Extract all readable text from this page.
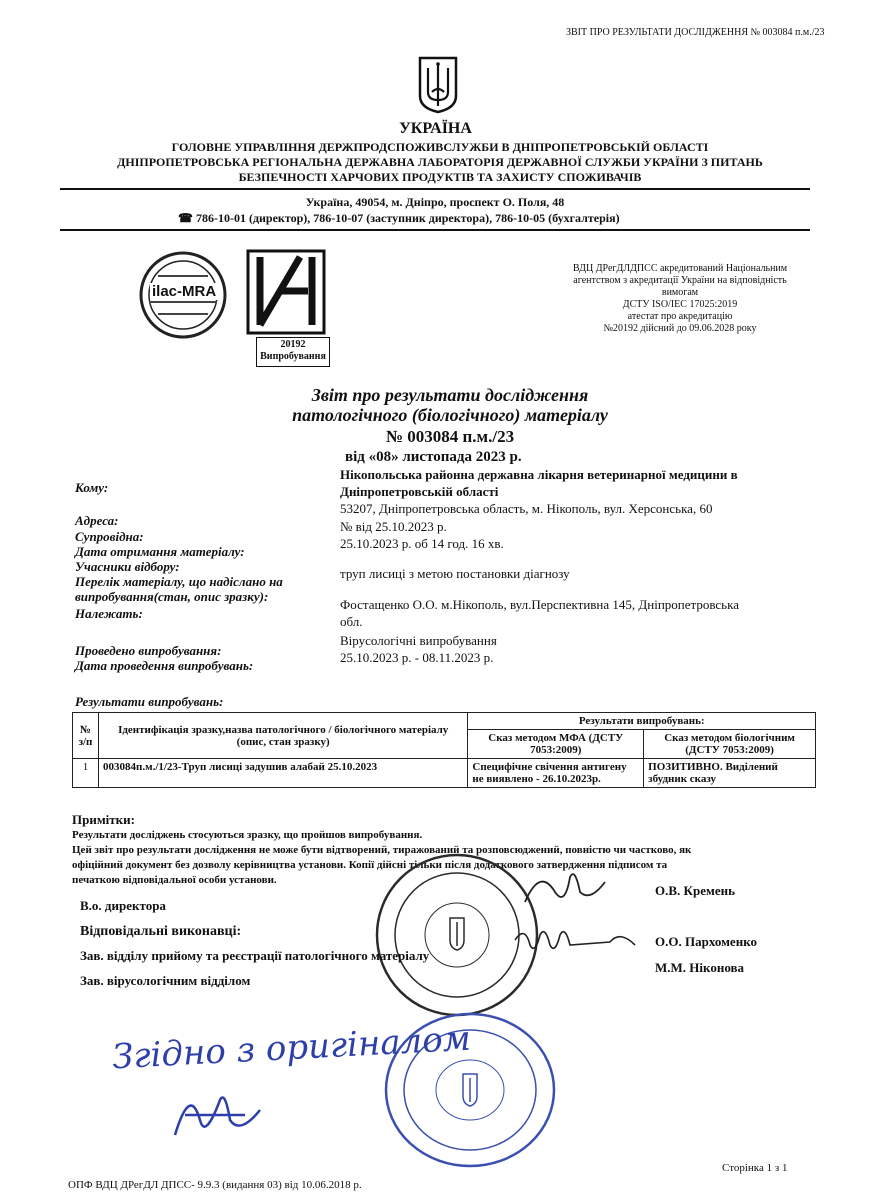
ЗВІТ ПРО РЕЗУЛЬТАТИ ДОСЛІДЖЕННЯ № 003084 п.м./23
УКРАЇНА
ГОЛОВНЕ УПРАВЛІННЯ ДЕРЖПРОДСПОЖИВСЛУЖБИ В ДНІПРОПЕТРОВСЬКІЙ ОБЛАСТІ
ДНІПРОПЕТРОВСЬКА РЕГІОНАЛЬНА ДЕРЖАВНА ЛАБОРАТОРІЯ ДЕРЖАВНОЇ СЛУЖБИ УКРАЇНИ З ПИТАНЬ
БЕЗПЕЧНОСТІ ХАРЧОВИХ ПРОДУКТІВ ТА ЗАХИСТУ СПОЖИВАЧІВ
Україна, 49054, м. Дніпро, проспект О. Поля, 48
☎ 786-10-01 (директор), 786-10-07 (заступник директора), 786-10-05 (бухгалтерія)
ilac-MRA
20192
Випробування
ВДЦ ДРегДЛДПСС акредитований Національним
агентством з акредитації України на відповідність
вимогам
ДСТУ ISO/IEC 17025:2019
атестат про акредитацію
№20192 дійсний до 09.06.2028 року
Звіт про результати дослідження
патологічного (біологічного) матеріалу
№ 003084 п.м./23
від «08» листопада 2023 р.
Кому:
Нікопольська районна державна лікарня ветеринарної медицини в
Дніпропетровській області
Адреса:
53207, Дніпропетровська область, м. Нікополь, вул. Херсонська, 60
Супровідна:
№ від 25.10.2023 р.
Дата отримання матеріалу:
25.10.2023 р. об 14 год. 16 хв.
Учасники відбору:
Перелік матеріалу, що надіслано на
випробування(стан, опис зразку):
труп лисиці з метою постановки діагнозу
Належать:
Фостащенко О.О. м.Нікополь, вул.Перспективна 145, Дніпропетровська
обл.
Проведено випробування:
Вірусологічні випробування
Дата проведення випробувань:
25.10.2023 р. - 08.11.2023 р.
Результати випробувань:
№ з/п	Ідентифікація зразку,назва патологічного / біологічного матеріалу (опис, стан зразку)	Результати випробувань:	
		Сказ методом МФА (ДСТУ 7053:2009)	Сказ методом біологічним (ДСТУ 7053:2009)
1	003084п.м./1/23-Труп лисиці задушив алабай 25.10.2023	Специфічне свічення антигену не виявлено - 26.10.2023р.	ПОЗИТИВНО. Виділений збудник сказу
Примітки:
Результати досліджень стосуються зразку, що пройшов випробування.
Цей звіт про результати дослідження не може бути відтворений, тиражований та розповсюджений, повністю чи частково, як
офіційний документ без дозволу керівництва установи. Копії дійсні тільки після додаткового затвердження підписом та
печаткою відповідальної особи установи.
В.о. директора
О.В. Кремень
Відповідальні виконавці:
Зав. відділу прийому та реєстрації патологічного матеріалу
О.О. Пархоменко
Зав. вірусологічним відділом
М.М. Ніконова
Згідно з оригіналом
ОПФ ВДЦ ДРегДЛ ДПСС- 9.9.3 (видання 03) від 10.06.2018 р.
Сторінка 1 з 1
